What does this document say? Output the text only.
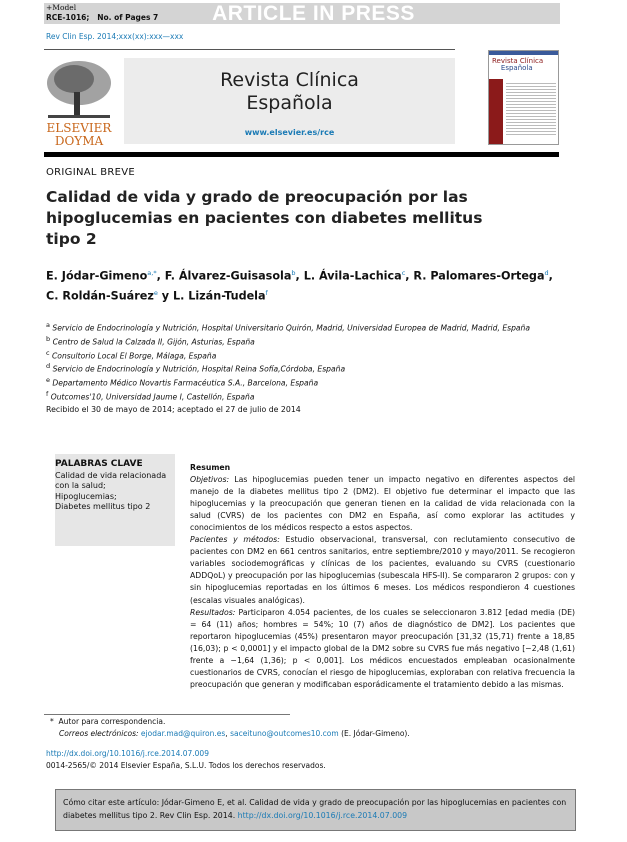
+Model
RCE-1016; No. of Pages 7	ARTICLE IN PRESS
Rev Clin Esp. 2014;xxx(xx):xxx—xxx
ELSEVIER
DOYMA
Revista Clínica
Española
www.elsevier.es/rce
Revista Clínica
Española
ORIGINAL BREVE
Calidad de vida y grado de preocupación por las hipoglucemias en pacientes con diabetes mellitus tipo 2
E. Jódar-Gimeno$^{a,*}$, F. Álvarez-Guisasola$^b$, L. Ávila-Lachica$^c$, R. Palomares-Ortega$^d$,
C. Roldán-Suárez$^e$ y L. Lizán-Tudela$^f$
$^a$ Servicio de Endocrinología y Nutrición, Hospital Universitario Quirón, Madrid, Universidad Europea de Madrid, Madrid, España
$^b$ Centro de Salud la Calzada II, Gijón, Asturias, España
$^c$ Consultorio Local El Borge, Málaga, España
$^d$ Servicio de Endocrinología y Nutrición, Hospital Reina Sofía,Córdoba, España
$^e$ Departamento Médico Novartis Farmacéutica S.A., Barcelona, España
$^f$ Outcomes'10, Universidad Jaume I, Castellón, España
Recibido el 30 de mayo de 2014; aceptado el 27 de julio de 2014
PALABRAS CLAVE
Calidad de vida relacionada con la salud;
Hipoglucemias;
Diabetes mellitus tipo 2
Resumen
Objetivos: Las hipoglucemias pueden tener un impacto negativo en diferentes aspectos del manejo de la diabetes mellitus tipo 2 (DM2). El objetivo fue determinar el impacto que las hipoglucemias y la preocupación que generan tienen en la calidad de vida relacionada con la salud (CVRS) de los pacientes con DM2 en España, así como explorar las actitudes y conocimientos de los médicos respecto a estos aspectos.
Pacientes y métodos: Estudio observacional, transversal, con reclutamiento consecutivo de pacientes con DM2 en 661 centros sanitarios, entre septiembre/2010 y mayo/2011. Se recogieron variables sociodemográficas y clínicas de los pacientes, evaluando su CVRS (cuestionario ADDQoL) y preocupación por las hipoglucemias (subescala HFS-II). Se compararon 2 grupos: con y sin hipoglucemias reportadas en los últimos 6 meses. Los médicos respondieron 4 cuestiones (escalas visuales analógicas).
Resultados: Participaron 4.054 pacientes, de los cuales se seleccionaron 3.812 [edad media (DE) = 64 (11) años; hombres = 54%; 10 (7) años de diagnóstico de DM2]. Los pacientes que reportaron hipoglucemias (45%) presentaron mayor preocupación [31,32 (15,71) frente a 18,85 (16,03); p < 0,0001] y el impacto global de la DM2 sobre su CVRS fue más negativo [−2,48 (1,61) frente a −1,64 (1,36); p < 0,001]. Los médicos encuestados empleaban ocasionalmente cuestionarios de CVRS, conocían el riesgo de hipoglucemias, exploraban con relativa frecuencia la preocupación que generan y modificaban esporádicamente el tratamiento debido a las mismas.
* Autor para correspondencia.
Correos electrónicos: ejodar.mad@quiron.es, saceituno@outcomes10.com (E. Jódar-Gimeno).
http://dx.doi.org/10.1016/j.rce.2014.07.009
0014-2565/© 2014 Elsevier España, S.L.U. Todos los derechos reservados.
Cómo citar este artículo: Jódar-Gimeno E, et al. Calidad de vida y grado de preocupación por las hipoglucemias en pacientes con diabetes mellitus tipo 2. Rev Clin Esp. 2014. http://dx.doi.org/10.1016/j.rce.2014.07.009
